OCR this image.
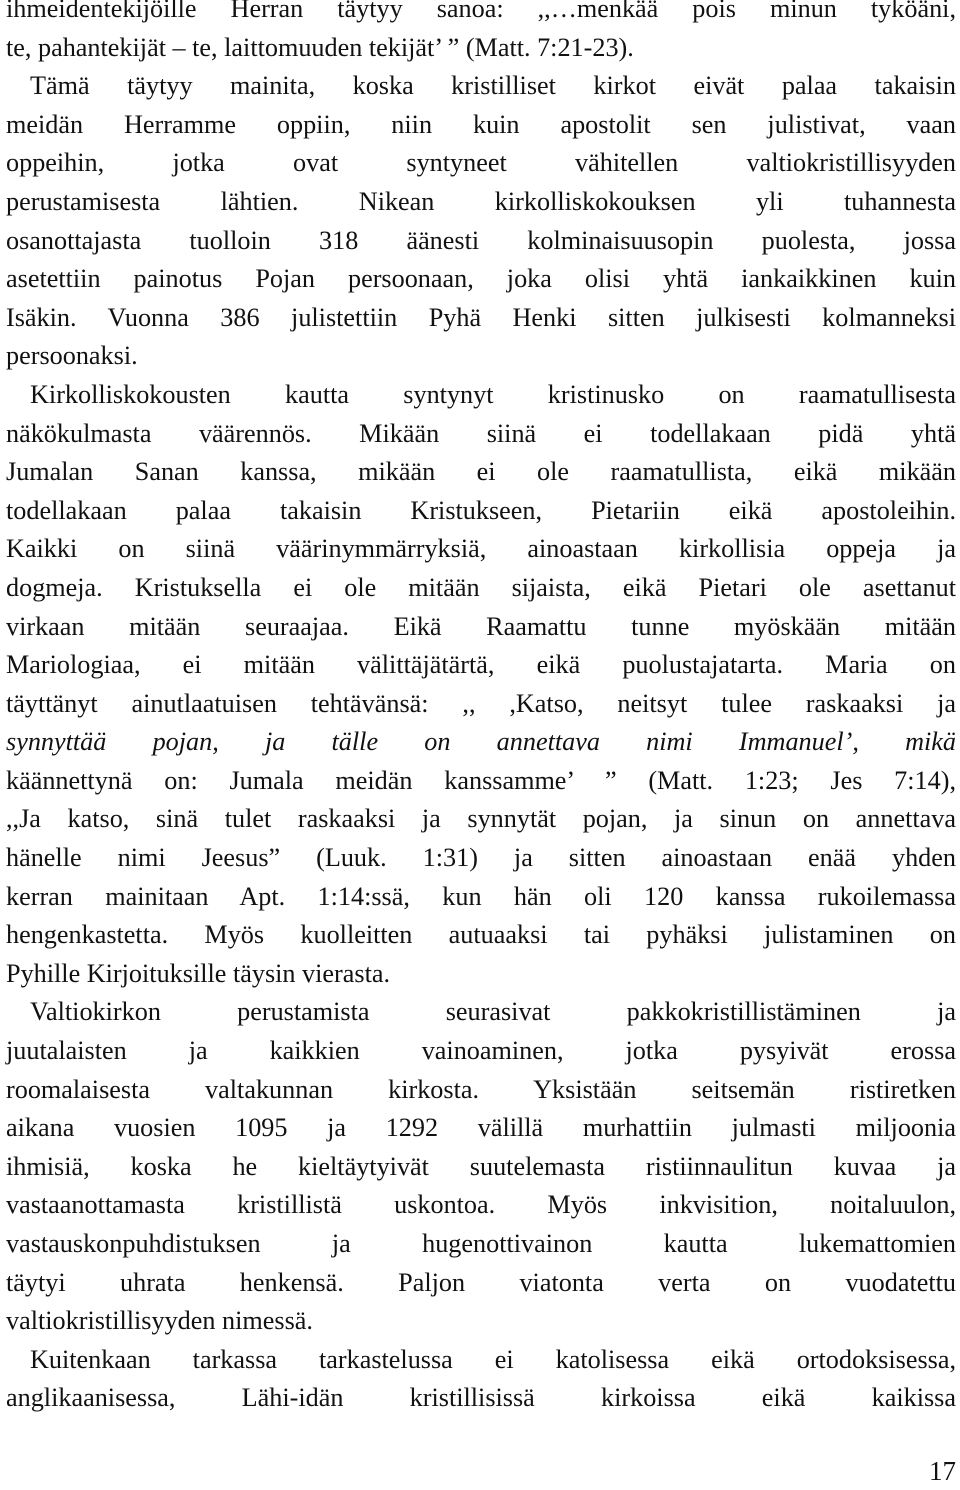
ihmeidentekijöille Herran täytyy sanoa: ,,…menkää pois minun tyköäni,
te, pahantekijät – te, laittomuuden tekijät’ ” (Matt. 7:21-23).
Tämä täytyy mainita, koska kristilliset kirkot eivät palaa takaisin
meidän Herramme oppiin, niin kuin apostolit sen julistivat, vaan
oppeihin, jotka ovat syntyneet vähitellen valtiokristillisyyden
perustamisesta lähtien. Nikean kirkolliskokouksen yli tuhannesta
osanottajasta tuolloin 318 äänesti kolminaisuusopin puolesta, jossa
asetettiin painotus Pojan persoonaan, joka olisi yhtä iankaikkinen kuin
Isäkin. Vuonna 386 julistettiin Pyhä Henki sitten julkisesti kolmanneksi
persoonaksi.
Kirkolliskokousten kautta syntynyt kristinusko on raamatullisesta
näkökulmasta väärennös. Mikään siinä ei todellakaan pidä yhtä
Jumalan Sanan kanssa, mikään ei ole raamatullista, eikä mikään
todellakaan palaa takaisin Kristukseen, Pietariin eikä apostoleihin.
Kaikki on siinä väärinymmärryksiä, ainoastaan kirkollisia oppeja ja
dogmeja. Kristuksella ei ole mitään sijaista, eikä Pietari ole asettanut
virkaan mitään seuraajaa. Eikä Raamattu tunne myöskään mitään
Mariologiaa, ei mitään välittäjätärtä, eikä puolustajatarta. Maria on
täyttänyt ainutlaatuisen tehtävänsä: ,, ,Katso, neitsyt tulee raskaaksi ja
synnyttää pojan, ja tälle on annettava nimi Immanuel’, mikä
käännettynä on: Jumala meidän kanssamme’ ” (Matt. 1:23; Jes 7:14),
,,Ja katso, sinä tulet raskaaksi ja synnytät pojan, ja sinun on annettava
hänelle nimi Jeesus” (Luuk. 1:31) ja sitten ainoastaan enää yhden
kerran mainitaan Apt. 1:14:ssä, kun hän oli 120 kanssa rukoilemassa
hengenkastetta. Myös kuolleitten autuaaksi tai pyhäksi julistaminen on
Pyhille Kirjoituksille täysin vierasta.
Valtiokirkon perustamista seurasivat pakkokristillistäminen ja
juutalaisten ja kaikkien vainoaminen, jotka pysyivät erossa
roomalaisesta valtakunnan kirkosta. Yksistään seitsemän ristiretken
aikana vuosien 1095 ja 1292 välillä murhattiin julmasti miljoonia
ihmisiä, koska he kieltäytyivät suutelemasta ristiinnaulitun kuvaa ja
vastaanottamasta kristillistä uskontoa. Myös inkvisition, noitaluulon,
vastauskonpuhdistuksen ja hugenottivainon kautta lukemattomien
täytyi uhrata henkensä. Paljon viatonta verta on vuodatettu
valtiokristillisyyden nimessä.
Kuitenkaan tarkassa tarkastelussa ei katolisessa eikä ortodoksisessa,
anglikaanisessa, Lähi-idän kristillisissä kirkoissa eikä kaikissa
17
